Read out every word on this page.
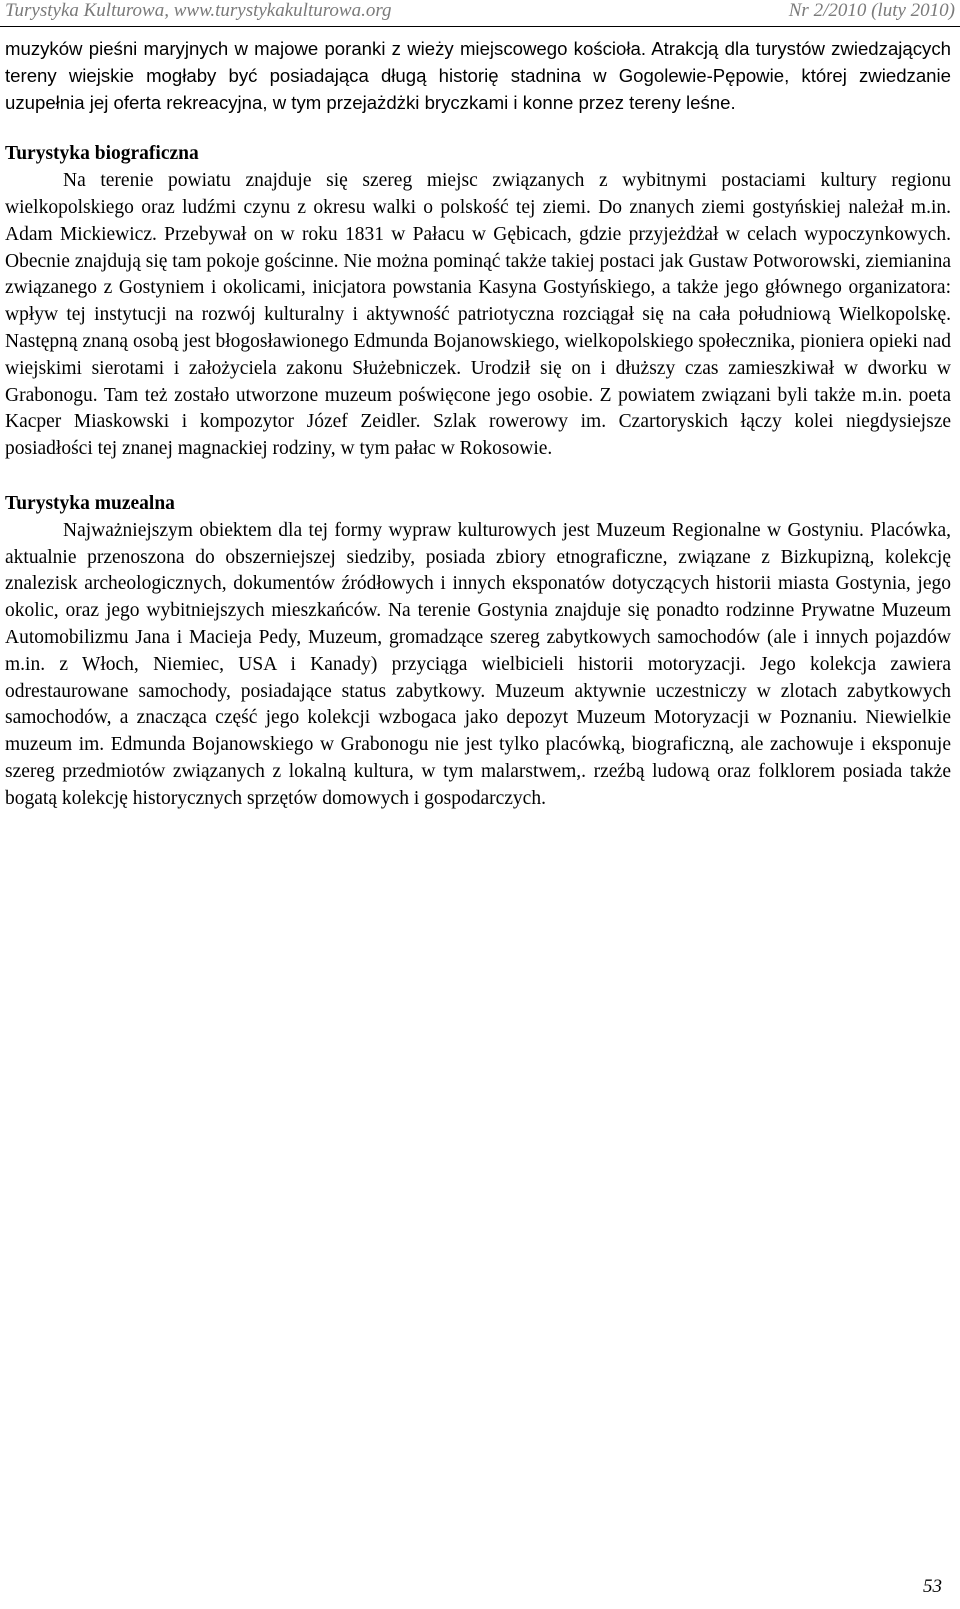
Turystyka Kulturowa, www.turystykakulturowa.org	Nr 2/2010 (luty 2010)

muzyków pieśni maryjnych w majowe poranki z wieży miejscowego kościoła. Atrakcją dla turystów zwiedzających tereny wiejskie mogłaby być posiadająca długą historię stadnina w Gogolewie-Pępowie, której zwiedzanie uzupełnia jej oferta rekreacyjna, w tym przejażdżki bryczkami i konne przez tereny leśne.

Turystyka biograficzna

Na terenie powiatu znajduje się szereg miejsc związanych z wybitnymi postaciami kultury regionu wielkopolskiego oraz ludźmi czynu z okresu walki o polskość tej ziemi. Do znanych ziemi gostyńskiej należał m.in. Adam Mickiewicz. Przebywał on w roku 1831 w Pałacu w Gębicach, gdzie przyjeżdżał w celach wypoczynkowych. Obecnie znajdują się tam pokoje gościnne. Nie można pominąć także takiej postaci jak Gustaw Potworowski, ziemianina związanego z Gostyniem i okolicami, inicjatora powstania Kasyna Gostyńskiego, a także jego głównego organizatora: wpływ tej instytucji na rozwój kulturalny i aktywność patriotyczna rozciągał się na cała południową Wielkopolskę. Następną znaną osobą jest błogosławionego Edmunda Bojanowskiego, wielkopolskiego społecznika, pioniera opieki nad wiejskimi sierotami i założyciela zakonu Służebniczek. Urodził się on i dłuższy czas zamieszkiwał w dworku w Grabonogu. Tam też zostało utworzone muzeum poświęcone jego osobie. Z powiatem związani byli także m.in. poeta Kacper Miaskowski i kompozytor Józef Zeidler. Szlak rowerowy im. Czartoryskich łączy kolei niegdysiejsze posiadłości tej znanej magnackiej rodziny, w tym pałac w Rokosowie.

Turystyka muzealna

Najważniejszym obiektem dla tej formy wypraw kulturowych jest Muzeum Regionalne w Gostyniu. Placówka, aktualnie przenoszona do obszerniejszej siedziby, posiada zbiory etnograficzne, związane z Bizkupizną, kolekcję znalezisk archeologicznych, dokumentów źródłowych i innych eksponatów dotyczących historii miasta Gostynia, jego okolic, oraz jego wybitniejszych mieszkańców. Na terenie Gostynia znajduje się ponadto rodzinne Prywatne Muzeum Automobilizmu Jana i Macieja Pedy, Muzeum, gromadzące szereg zabytkowych samochodów (ale i innych pojazdów m.in. z Włoch, Niemiec, USA i Kanady) przyciąga wielbicieli historii motoryzacji. Jego kolekcja zawiera odrestaurowane samochody, posiadające status zabytkowy. Muzeum aktywnie uczestniczy w zlotach zabytkowych samochodów, a znacząca część jego kolekcji wzbogaca jako depozyt Muzeum Motoryzacji w Poznaniu. Niewielkie muzeum im. Edmunda Bojanowskiego w Grabonogu nie jest tylko placówką, biograficzną, ale zachowuje i eksponuje szereg przedmiotów związanych z lokalną kultura, w tym malarstwem,. rzeźbą ludową oraz folklorem posiada także bogatą kolekcję historycznych sprzętów domowych i gospodarczych.

53
